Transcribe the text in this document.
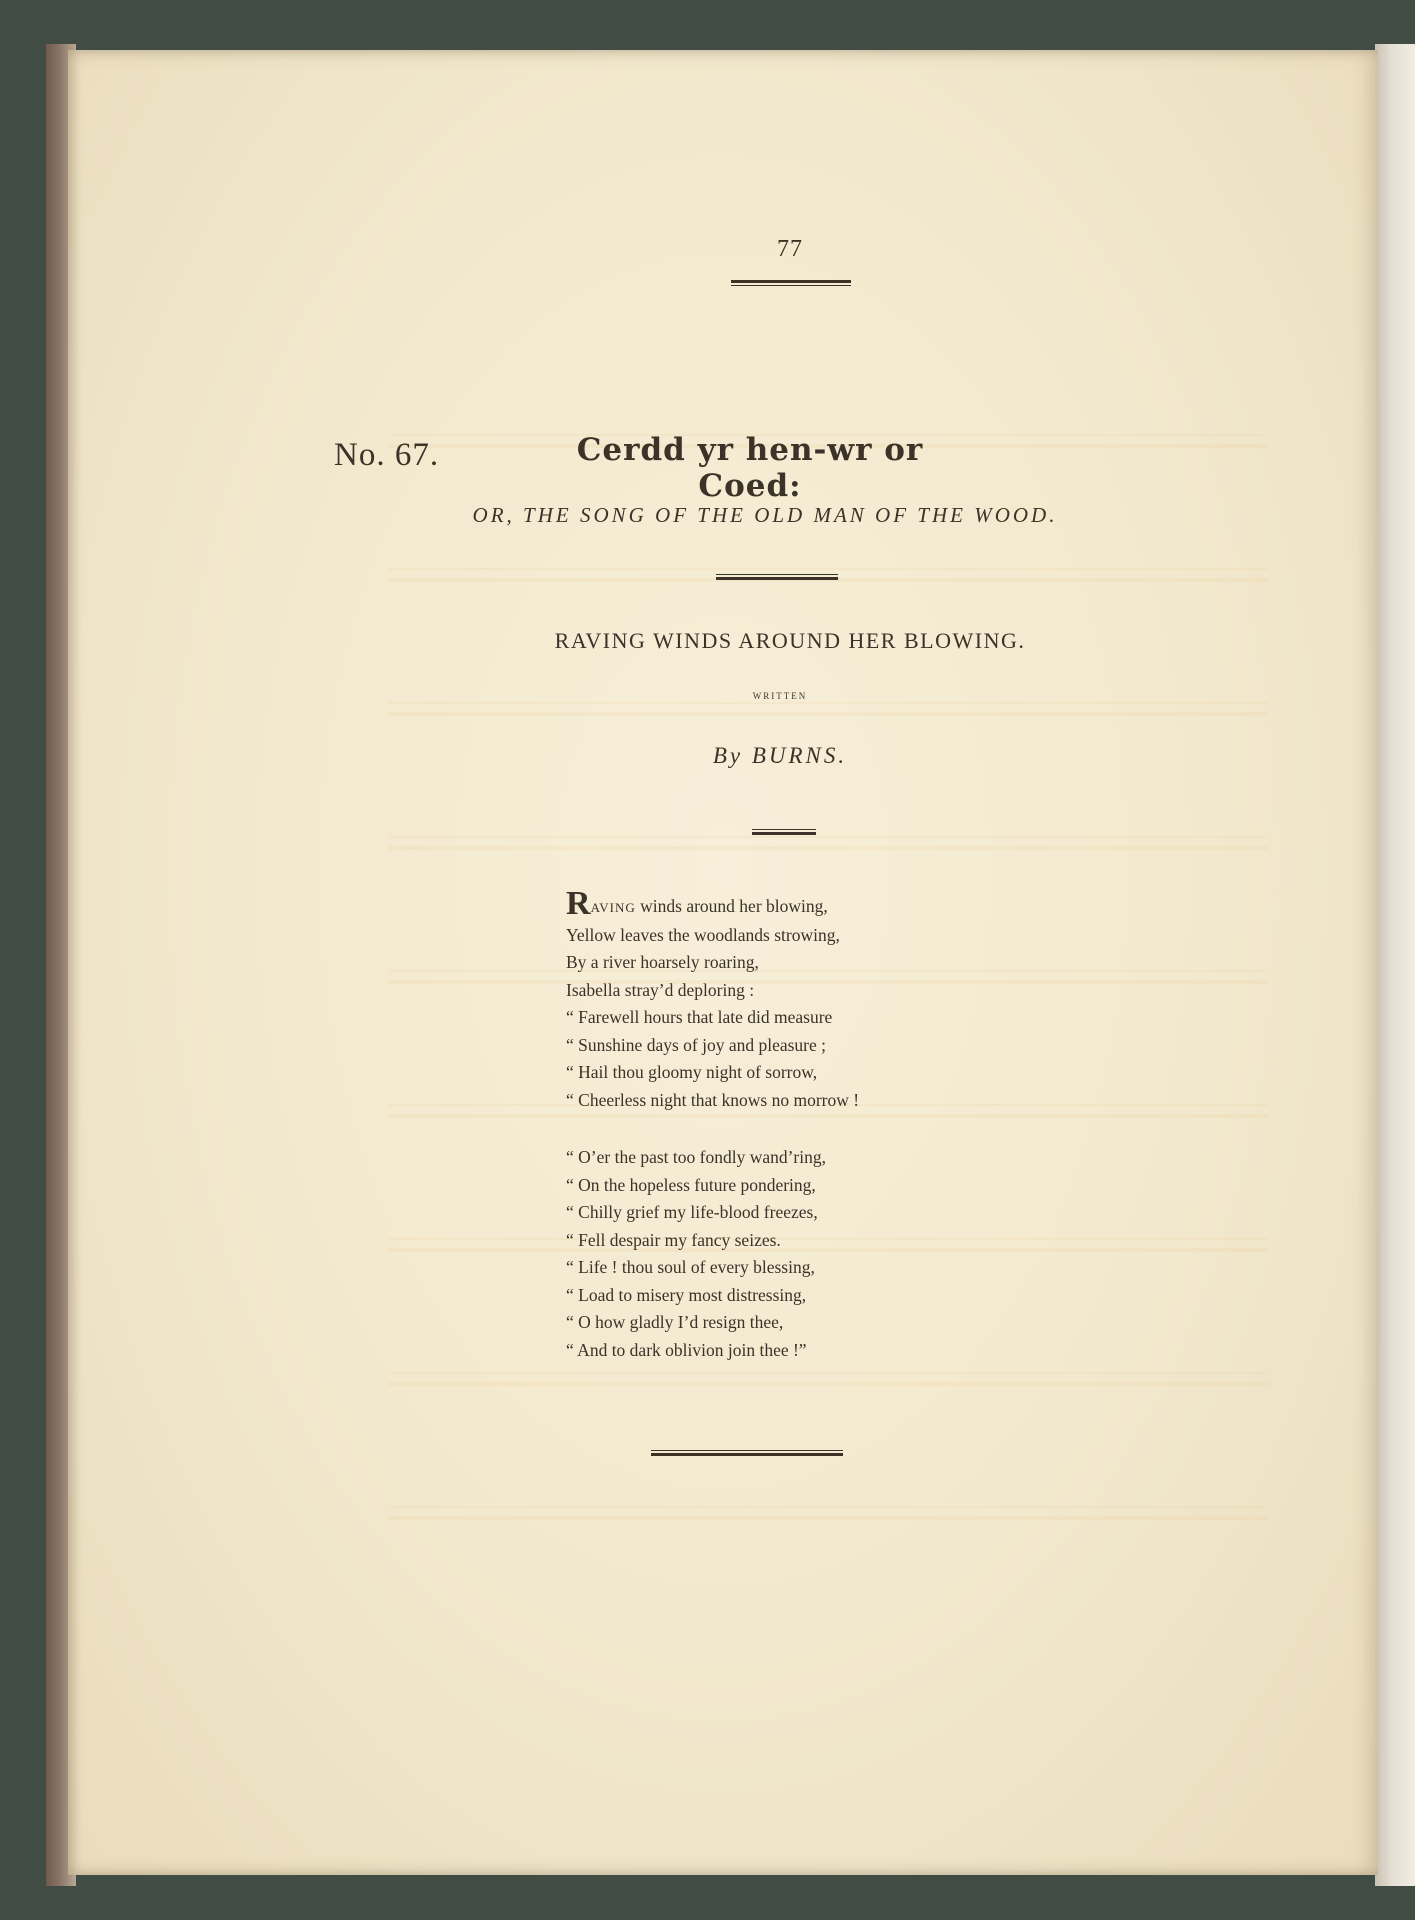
77
No. 67.	Cerdd yr hen-wr or Coed:
OR, THE SONG OF THE OLD MAN OF THE WOOD.
RAVING WINDS AROUND HER BLOWING.
WRITTEN
By BURNS.
RAVING winds around her blowing,
Yellow leaves the woodlands strowing,
By a river hoarsely roaring,
Isabella stray’d deploring :
“ Farewell hours that late did measure
“ Sunshine days of joy and pleasure ;
“ Hail thou gloomy night of sorrow,
“ Cheerless night that knows no morrow !
“ O’er the past too fondly wand’ring,
“ On the hopeless future pondering,
“ Chilly grief my life-blood freezes,
“ Fell despair my fancy seizes.
“ Life ! thou soul of every blessing,
“ Load to misery most distressing,
“ O how gladly I’d resign thee,
“ And to dark oblivion join thee !”
